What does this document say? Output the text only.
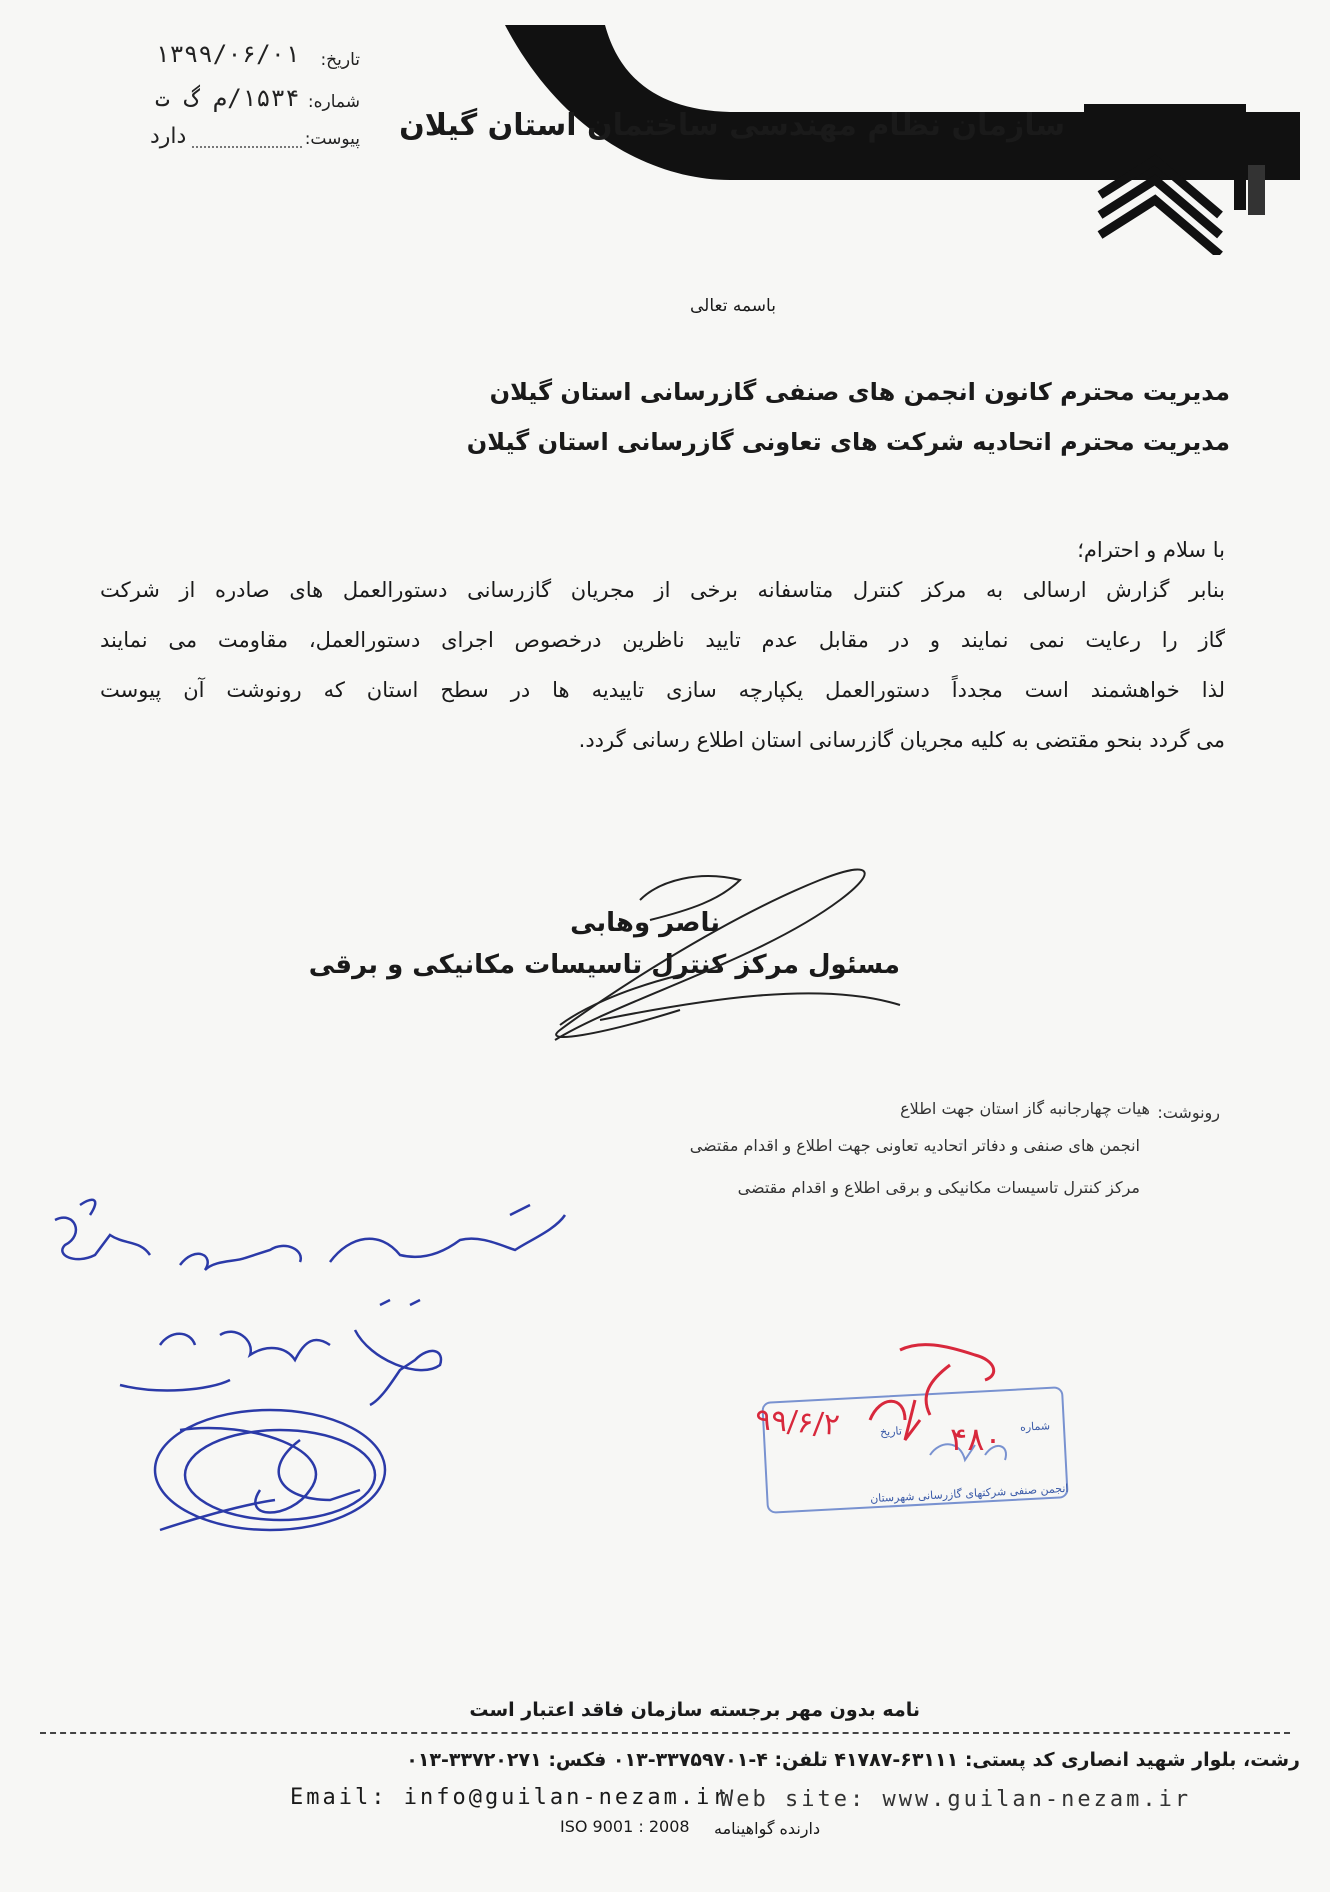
سازمان نظام مهندسی ساختمان استان گیلان
تاریخ:
۱۳۹۹/۰۶/۰۱
شماره:
۱۵۳۴/م گ ت
پیوست:
دارد
باسمه تعالی
مدیریت محترم کانون انجمن های صنفی گازرسانی استان گیلان
مدیریت محترم اتحادیه شرکت های تعاونی گازرسانی استان گیلان
با سلام و احترام؛
بنابر گزارش ارسالی به مرکز کنترل متاسفانه برخی از مجریان گازرسانی دستورالعمل های صادره از شرکت
گاز را رعایت نمی نمایند و در مقابل عدم تایید ناظرین درخصوص اجرای دستورالعمل، مقاومت می نمایند
لذا خواهشمند است مجدداً دستورالعمل یکپارچه سازی تاییدیه ها در سطح استان که رونوشت آن پیوست
می گردد بنحو مقتضی به کلیه مجریان گازرسانی استان اطلاع رسانی گردد.
ناصر وهابی
مسئول مرکز کنترل تاسیسات مکانیکی و برقی
رونوشت:
هیات چهارجانبه گاز استان جهت اطلاع
انجمن های صنفی و دفاتر اتحادیه تعاونی جهت اطلاع و اقدام مقتضی
مرکز کنترل تاسیسات مکانیکی و برقی اطلاع و اقدام مقتضی
۴۸۰
۹۹/۶/۲	شماره
تاریخ
انجمن صنفی شرکتهای گازرسانی شهرستان
نامه بدون مهر برجسته سازمان فاقد اعتبار است
رشت، بلوار شهید انصاری کد پستی: ۶۳۱۱۱-۴۱۷۸۷ تلفن: ۴-۳۳۷۵۹۷۰۱-۰۱۳ فکس: ۳۳۷۲۰۲۷۱-۰۱۳
Email: info@guilan-nezam.ir
Web site: www.guilan-nezam.ir
ISO 9001 : 2008 دارنده گواهینامه
